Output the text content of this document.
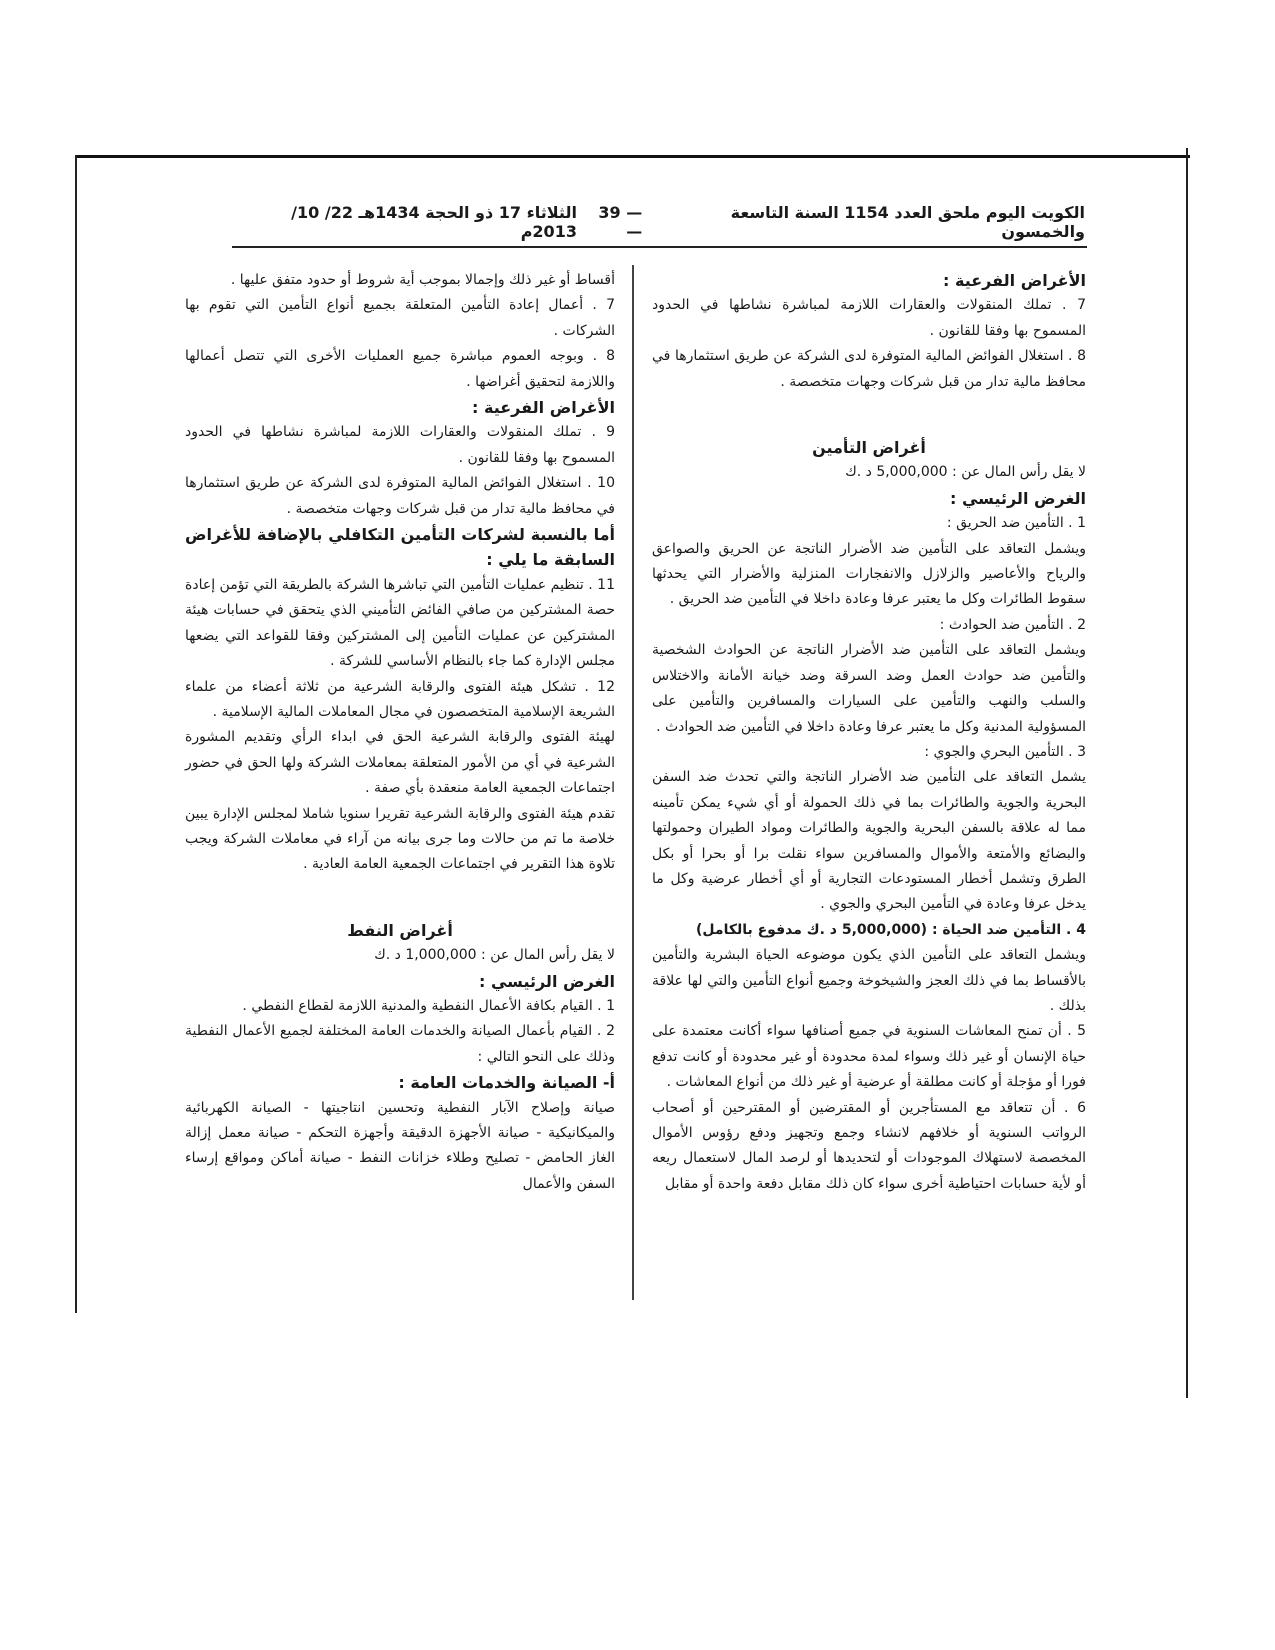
الكويت اليوم ملحق العدد 1154 السنة التاسعة والخمسون
— 39 —
الثلاثاء 17 ذو الحجة 1434هـ 22/ 10/ 2013م

الأغراض الفرعية :

7 . تملك المنقولات والعقارات اللازمة لمباشرة نشاطها في الحدود المسموح بها وفقا للقانون .

8 . استغلال الفوائض المالية المتوفرة لدى الشركة عن طريق استثمارها في محافظ مالية تدار من قبل شركات وجهات متخصصة .

أغراض التأمين

لا يقل رأس المال عن : 5,000,000 د .ك

الغرض الرئيسي :

1 . التأمين ضد الحريق :

ويشمل التعاقد على التأمين ضد الأضرار الناتجة عن الحريق والصواعق والرياح والأعاصير والزلازل والانفجارات المنزلية والأضرار التي يحدثها سقوط الطائرات وكل ما يعتبر عرفا وعادة داخلا في التأمين ضد الحريق .

2 . التأمين ضد الحوادث :

ويشمل التعاقد على التأمين ضد الأضرار الناتجة عن الحوادث الشخصية والتأمين ضد حوادث العمل وضد السرقة وضد خيانة الأمانة والاختلاس والسلب والنهب والتأمين على السيارات والمسافرين والتأمين على المسؤولية المدنية وكل ما يعتبر عرفا وعادة داخلا في التأمين ضد الحوادث .

3 . التأمين البحري والجوي :

يشمل التعاقد على التأمين ضد الأضرار الناتجة والتي تحدث ضد السفن البحرية والجوية والطائرات بما في ذلك الحمولة أو أي شيء يمكن تأمينه مما له علاقة بالسفن البحرية والجوية والطائرات ومواد الطيران وحمولتها والبضائع والأمتعة والأموال والمسافرين سواء نقلت برا أو بحرا أو بكل الطرق وتشمل أخطار المستودعات التجارية أو أي أخطار عرضية وكل ما يدخل عرفا وعادة في التأمين البحري والجوي .

4 . التأمين ضد الحياة : (5,000,000 د .ك مدفوع بالكامل)

ويشمل التعاقد على التأمين الذي يكون موضوعه الحياة البشرية والتأمين بالأقساط بما في ذلك العجز والشيخوخة وجميع أنواع التأمين والتي لها علاقة بذلك .

5 . أن تمنح المعاشات السنوية في جميع أصنافها سواء أكانت معتمدة على حياة الإنسان أو غير ذلك وسواء لمدة محدودة أو غير محدودة أو كانت تدفع فورا أو مؤجلة أو كانت مطلقة أو عرضية أو غير ذلك من أنواع المعاشات .

6 . أن تتعاقد مع المستأجرين أو المقترضين أو المقترحين أو أصحاب الرواتب السنوية أو خلافهم لانشاء وجمع وتجهيز ودفع رؤوس الأموال المخصصة لاستهلاك الموجودات أو لتحديدها أو لرصد المال لاستعمال ريعه أو لأية حسابات احتياطية أخرى سواء كان ذلك مقابل دفعة واحدة أو مقابل

أقساط أو غير ذلك وإجمالا بموجب أية شروط أو حدود متفق عليها .

7 . أعمال إعادة التأمين المتعلقة بجميع أنواع التأمين التي تقوم بها الشركات .

8 . وبوجه العموم مباشرة جميع العمليات الأخرى التي تتصل أعمالها واللازمة لتحقيق أغراضها .

الأغراض الفرعية :

9 . تملك المنقولات والعقارات اللازمة لمباشرة نشاطها في الحدود المسموح بها وفقا للقانون .

10 . استغلال الفوائض المالية المتوفرة لدى الشركة عن طريق استثمارها في محافظ مالية تدار من قبل شركات وجهات متخصصة .

أما بالنسبة لشركات التأمين التكافلي بالإضافة للأغراض السابقة ما يلي :

11 . تنظيم عمليات التأمين التي تباشرها الشركة بالطريقة التي تؤمن إعادة حصة المشتركين من صافي الفائض التأميني الذي يتحقق في حسابات هيئة المشتركين عن عمليات التأمين إلى المشتركين وفقا للقواعد التي يضعها مجلس الإدارة كما جاء بالنظام الأساسي للشركة .

12 . تشكل هيئة الفتوى والرقابة الشرعية من ثلاثة أعضاء من علماء الشريعة الإسلامية المتخصصون في مجال المعاملات المالية الإسلامية .

لهيئة الفتوى والرقابة الشرعية الحق في ابداء الرأي وتقديم المشورة الشرعية في أي من الأمور المتعلقة بمعاملات الشركة ولها الحق في حضور اجتماعات الجمعية العامة منعقدة بأي صفة .

تقدم هيئة الفتوى والرقابة الشرعية تقريرا سنويا شاملا لمجلس الإدارة يبين خلاصة ما تم من حالات وما جرى بيانه من آراء في معاملات الشركة ويجب تلاوة هذا التقرير في اجتماعات الجمعية العامة العادية .

أغراض النفط

لا يقل رأس المال عن : 1,000,000 د .ك

الغرض الرئيسي :

1 . القيام بكافة الأعمال النفطية والمدنية اللازمة لقطاع النفطي .

2 . القيام بأعمال الصيانة والخدمات العامة المختلفة لجميع الأعمال النفطية وذلك على النحو التالي :

أ- الصيانة والخدمات العامة :

صيانة وإصلاح الآبار النفطية وتحسين انتاجيتها - الصيانة الكهربائية والميكانيكية - صيانة الأجهزة الدقيقة وأجهزة التحكم - صيانة معمل إزالة الغاز الحامض - تصليح وطلاء خزانات النفط - صيانة أماكن ومواقع إرساء السفن والأعمال
